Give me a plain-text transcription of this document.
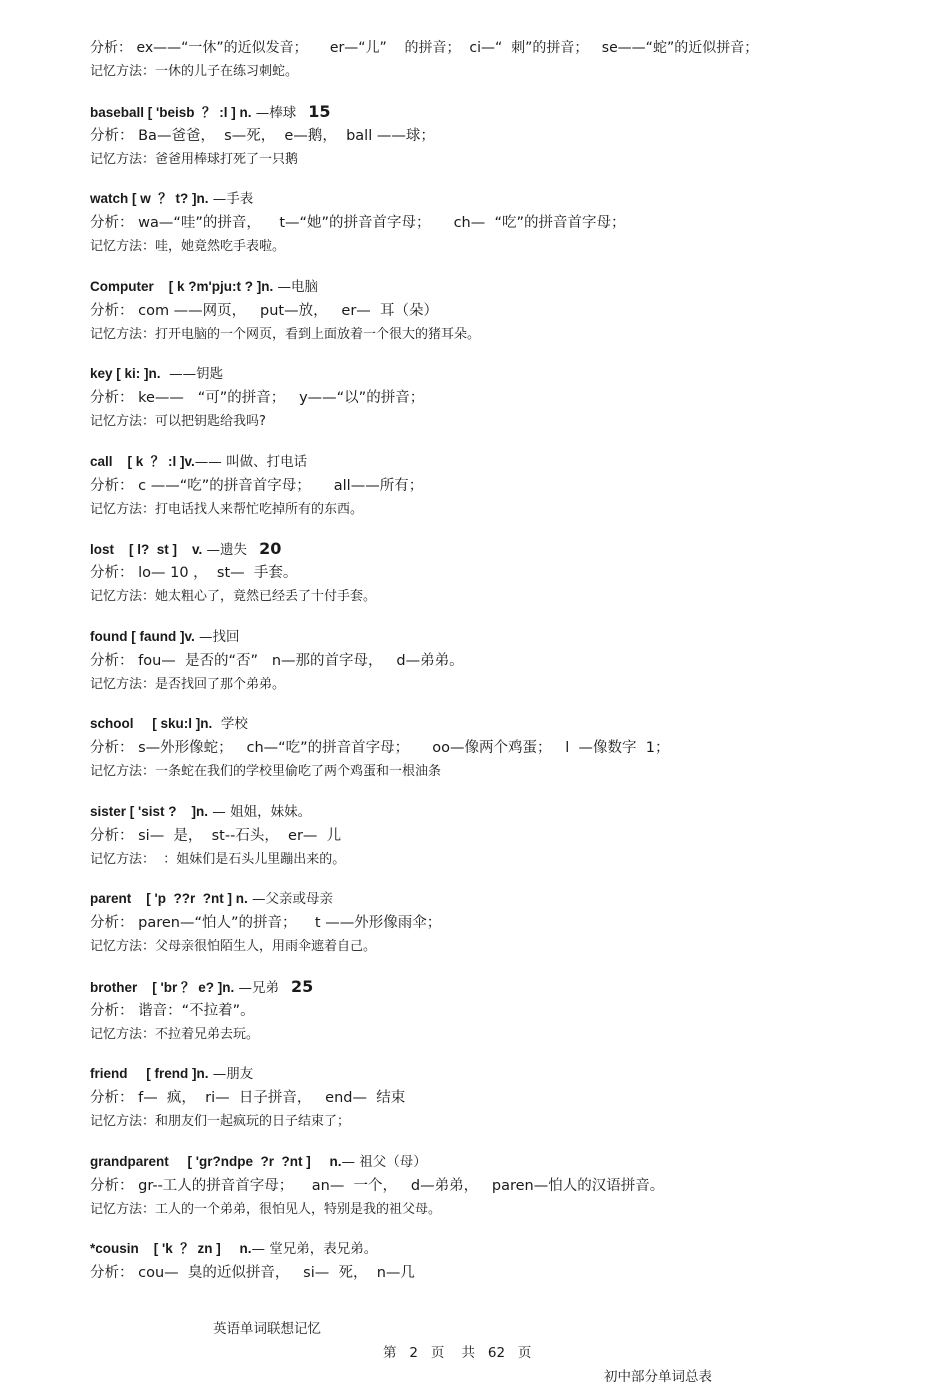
分析： ex——“一休”的近似发音；     er—“儿”    的拼音；  ci—“  刺”的拼音；   se——“蛇”的近似拼音；
记忆方法：一休的儿子在练习刺蛇。
baseball [ 'beisb  ？ :l ] n. —棒球 15
分析： Ba—爸爸，  s—死，  e—鹅，  ball ——球；
记忆方法：爸爸用棒球打死了一只鹅
watch [ w  ？ t? ]n. —手表
分析： wa—“哇”的拼音，    t—“她”的拼音首字母；     ch—  “吃”的拼音首字母；
记忆方法：哇，她竟然吃手表啦。
Computer    [ k ?m'pju:t ? ]n. —电脑
分析： com ——网页，   put—放，   er—  耳（朵）
记忆方法：打开电脑的一个网页，看到上面放着一个很大的猪耳朵。
key [ ki: ]n.  ——钥匙
分析： ke——   “可”的拼音；   y——“以”的拼音；
记忆方法：可以把钥匙给我吗?
call    [ k  ？ :l ]v.—— 叫做、打电话
分析： c ——“吃”的拼音首字母；     all——所有；
记忆方法：打电话找人来帮忙吃掉所有的东西。
lost    [ l?  st ]    v. —遗失 20
分析： lo— 10 ，  st—  手套。
记忆方法：她太粗心了，竟然已经丢了十付手套。
found [ faund ]v. —找回
分析： fou—  是否的“否”   n—那的首字母，   d—弟弟。
记忆方法：是否找回了那个弟弟。
school     [ sku:l ]n.  学校
分析： s—外形像蛇；   ch—“吃”的拼音首字母；     oo—像两个鸡蛋；   l  —像数字  1；
记忆方法：一条蛇在我们的学校里偷吃了两个鸡蛋和一根油条
sister [ 'sist ?    ]n. — 姐姐，妹妹。
分析： si—  是，  st--石头，  er—  儿
记忆方法：  ：姐妹们是石头儿里蹦出来的。
parent    [ 'p  ??r  ?nt ] n. —父亲或母亲
分析： paren—“怕人”的拼音；    t ——外形像雨伞；
记忆方法：父母亲很怕陌生人，用雨伞遮着自己。
brother    [ 'br ？ e? ]n. —兄弟 25
分析： 谐音：“不拉着”。
记忆方法：不拉着兄弟去玩。
friend     [ frend ]n. —朋友
分析： f—  疯，  ri—  日子拼音，   end—  结束
记忆方法：和朋友们一起疯玩的日子结束了；
grandparent     [ 'gr?ndpe  ?r  ?nt ]     n.— 祖父（母）
分析： gr--工人的拼音首字母；    an—  一个，   d—弟弟，   paren—怕人的汉语拼音。
记忆方法：工人的一个弟弟，很怕见人，特别是我的祖父母。
*cousin    [ 'k  ？ zn ]     n.— 堂兄弟，表兄弟。
分析： cou—  臭的近似拼音，   si—  死，  n—几

英语单词联想记忆

第   2   页    共   62   页

初中部分单词总表
